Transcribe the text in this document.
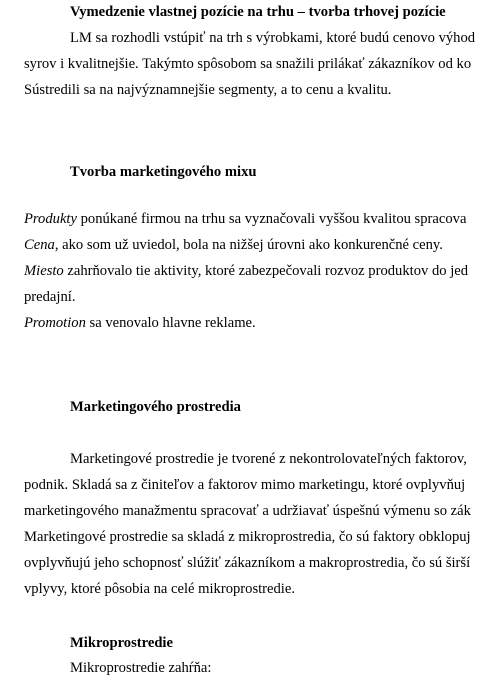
Vymedzenie vlastnej pozície na trhu – tvorba trhovej pozície
LM sa rozhodli vstúpiť na trh s výrobkami, ktoré budú cenovo výhod
syrov i kvalitnejšie. Takýmto spôsobom sa snažili prilákať zákazníkov od ko
Sústredili sa na najvýznamnejšie segmenty, a to cenu a kvalitu.
Tvorba marketingového mixu
Produkty ponúkané firmou na trhu sa vyznačovali vyššou kvalitou spracova
Cena, ako som už uviedol, bola na nižšej úrovni ako konkurenčné ceny.
Miesto zahrňovalo tie aktivity, ktoré zabezpečovali rozvoz produktov do jed
predajní.
Promotion sa venovalo hlavne reklame.
Marketingového prostredia
Marketingové prostredie je tvorené z nekontrolovateľných faktorov,
podnik. Skladá sa z činiteľov a faktorov mimo marketingu, ktoré ovplyvňuj
marketingového manažmentu spracovať a udržiavať úspešnú výmenu so zák
Marketingové prostredie sa skladá z mikroprostredia, čo sú faktory obklopuj
ovplyvňujú jeho schopnosť slúžiť zákazníkom a makroprostredia, čo sú širší
vplyvy, ktoré pôsobia na celé mikroprostredie.
Mikroprostredie
Mikroprostredie zahŕňa:
